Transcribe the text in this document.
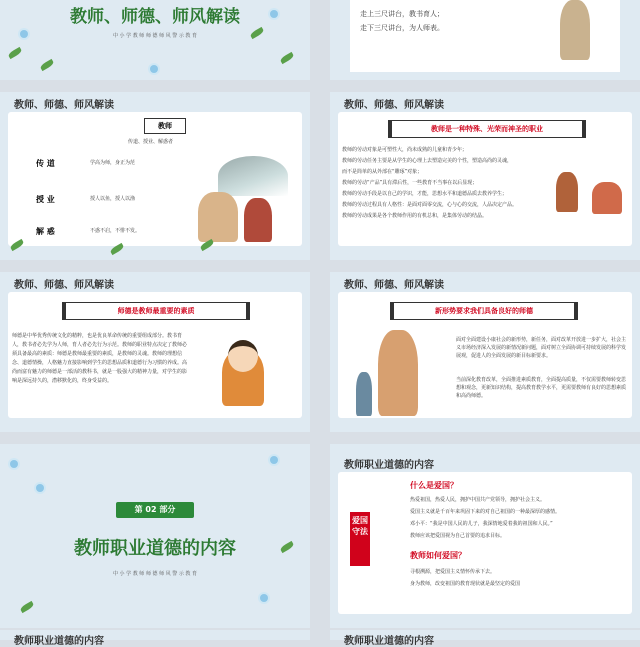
教师、师德、师风解读
中 小 学 教 师 师 德 师 风 警 示 教 育
走上三尺讲台，教书育人；
走下三尺讲台，为人师表。
教师、师德、师风解读
教师
传道、授业、解惑者
传 道	学高为师，身正为范
授 业	授人以鱼，授人以渔
解 惑	不惑不启，不悱不发。
教师、师德、师风解读
教师是一种特殊、光荣而神圣的职业
教师的劳动对象是可塑性大，尚未成熟的儿童和青少年；
教师的劳动任务主要是从学生的心理上去塑造完美的个性，塑造高尚的灵魂，
而不是简单的从外部在“雕琢”对象；
教师的劳动“产品”具有滞后性，一些教育不当事在以后显现；
教师的劳动手段是以自己的学识，才能，思想水平和道德品质去教养学生；
教师的劳动过程具有人格性：是面对面零交流，心与心的交流，人品决定产品。
教师的劳动成果是各个教师作用的有机总和，是集体劳动的结晶。
教师、师德、师风解读
师德是教师最重要的素质
师德是中华优秀传统文化的精粹，也是优良革命传统的重要组成部分。教书育人，教书者必先学为人师，育人者必先行为示范。教师的职业特点决定了教师必须具备最高的素质：师德是教师最重要的素质，是教师的灵魂。教师的理想信念、道德情操，人格魅力直接影响到学生的思想品质和道德行为习惯的养成。高尚而富有魅力的师德是一部活的教科书，就是一股强大的精神力量，对学生的影响是深远持久的，潜移默化的，终身受益的。
教师、师德、师风解读
新形势要求我们具备良好的师德
面对全面建设小康社会的新形势，新任务，面对改革开放进一步扩大，社会主义市场经济深入发展的新情况新问题，面对树立全面协调可持续发展的科学发展观，促进人的全面发展的新目标新要求。
当前深化教育改革，全面推进素质教育，全面提高质量，不仅需要教师转变思想和观念，更新知识结构，提高教育教学水平，更需要教师有良好的思想素质和高尚师德。
第 02 部分
教师职业道德的内容
中 小 学 教 师 师 德 师 风 警 示 教 育
教师职业道德的内容
爱国守法
什么是爱国？
热爱祖国，热爱人民，拥护中国共产党领导，拥护社会主义。
爱国主义就是千百年来巩固下来的对自己祖国的一种最深厚的感情。
邓小平：“我是中国人民的儿子，我深情地爱着我的祖国和人民。”
教师应该把爱国视为自己首要的追求目标。
教师如何爱国？
寻根溯源，把爱国主义情怀传承下去。
身为教师，改变祖国的教育现状就是最坚定的爱国
教师职业道德的内容	教师职业道德的内容
